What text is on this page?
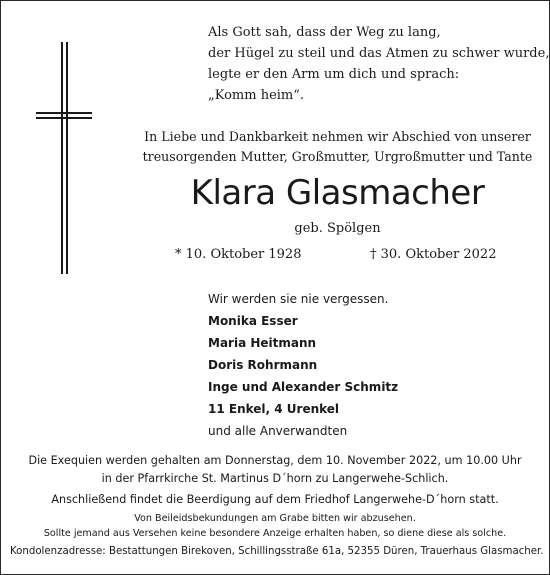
Als Gott sah, dass der Weg zu lang,
der Hügel zu steil und das Atmen zu schwer wurde,
legte er den Arm um dich und sprach:
„Komm heim“.
In Liebe und Dankbarkeit nehmen wir Abschied von unserer
treusorgenden Mutter, Großmutter, Urgroßmutter und Tante
Klara Glasmacher
geb. Spölgen
* 10. Oktober 1928	† 30. Oktober 2022
Wir werden sie nie vergessen.
Monika Esser
Maria Heitmann
Doris Rohrmann
Inge und Alexander Schmitz
11 Enkel, 4 Urenkel
und alle Anverwandten
Die Exequien werden gehalten am Donnerstag, dem 10. November 2022, um 10.00 Uhr
in der Pfarrkirche St. Martinus D´horn zu Langerwehe-Schlich.
Anschließend findet die Beerdigung auf dem Friedhof Langerwehe-D´horn statt.
Von Beileidsbekundungen am Grabe bitten wir abzusehen.
Sollte jemand aus Versehen keine besondere Anzeige erhalten haben, so diene diese als solche.
Kondolenzadresse: Bestattungen Birekoven, Schillingsstraße 61a, 52355 Düren, Trauerhaus Glasmacher.
